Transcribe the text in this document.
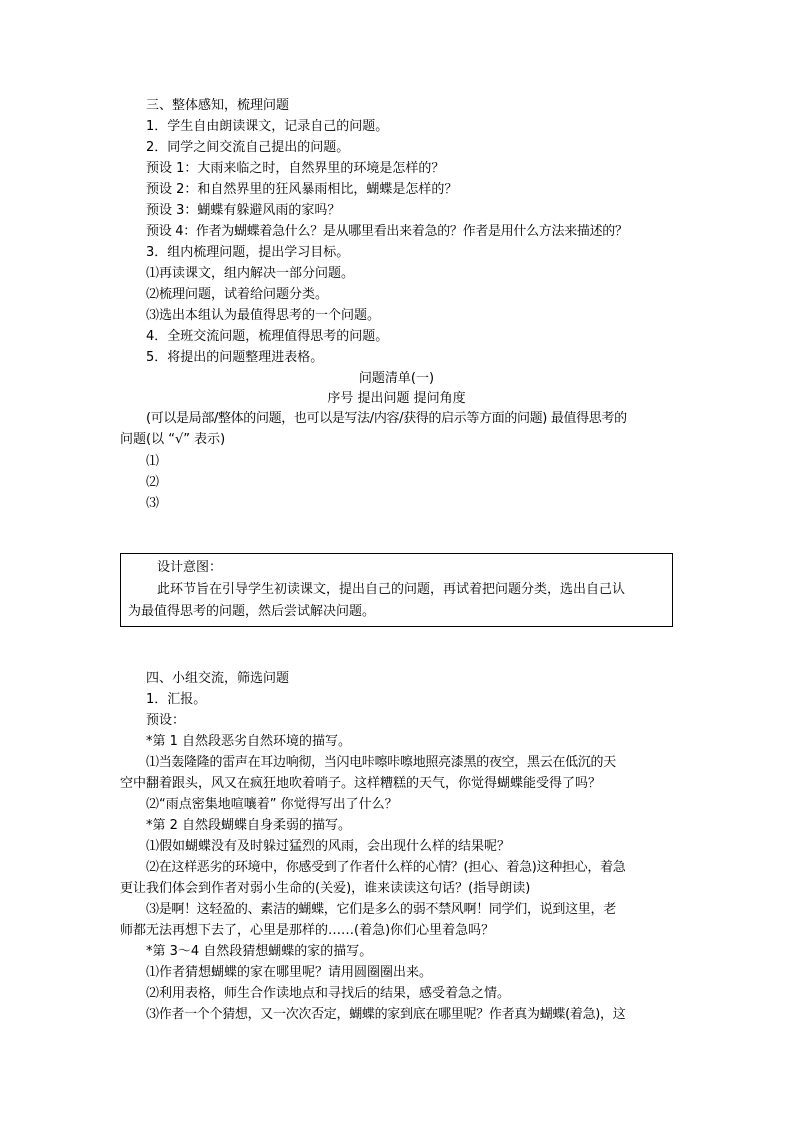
三、整体感知，梳理问题
1．学生自由朗读课文，记录自己的问题。
2．同学之间交流自己提出的问题。
预设 1：大雨来临之时，自然界里的环境是怎样的？
预设 2：和自然界里的狂风暴雨相比，蝴蝶是怎样的？
预设 3：蝴蝶有躲避风雨的家吗？
预设 4：作者为蝴蝶着急什么？是从哪里看出来着急的？作者是用什么方法来描述的？
3．组内梳理问题，提出学习目标。
⑴再读课文，组内解决一部分问题。
⑵梳理问题，试着给问题分类。
⑶选出本组认为最值得思考的一个问题。
4．全班交流问题，梳理值得思考的问题。
5．将提出的问题整理进表格。
问题清单(一)
序号 提出问题 提问角度
(可以是局部/整体的问题，也可以是写法/内容/获得的启示等方面的问题) 最值得思考的
问题(以 “√” 表示)
⑴
⑵
⑶
设计意图：
此环节旨在引导学生初读课文，提出自己的问题，再试着把问题分类，选出自己认
为最值得思考的问题，然后尝试解决问题。
四、小组交流，筛选问题
1．汇报。
预设：
*第 1 自然段恶劣自然环境的描写。
⑴当轰隆隆的雷声在耳边响彻，当闪电咔嚓咔嚓地照亮漆黑的夜空，黑云在低沉的天
空中翻着跟头，风又在疯狂地吹着哨子。这样糟糕的天气，你觉得蝴蝶能受得了吗？
⑵“雨点密集地喧嚷着” 你觉得写出了什么？
*第 2 自然段蝴蝶自身柔弱的描写。
⑴假如蝴蝶没有及时躲过猛烈的风雨，会出现什么样的结果呢？
⑵在这样恶劣的环境中，你感受到了作者什么样的心情？(担心、着急)这种担心，着急
更让我们体会到作者对弱小生命的(关爱)，谁来读读这句话？(指导朗读)
⑶是啊！这轻盈的、素洁的蝴蝶，它们是多么的弱不禁风啊！同学们，说到这里，老
师都无法再想下去了，心里是那样的……(着急)你们心里着急吗？
*第 3～4 自然段猜想蝴蝶的家的描写。
⑴作者猜想蝴蝶的家在哪里呢？请用圆圈圈出来。
⑵利用表格，师生合作读地点和寻找后的结果，感受着急之情。
⑶作者一个个猜想，又一次次否定，蝴蝶的家到底在哪里呢？作者真为蝴蝶(着急)，这
